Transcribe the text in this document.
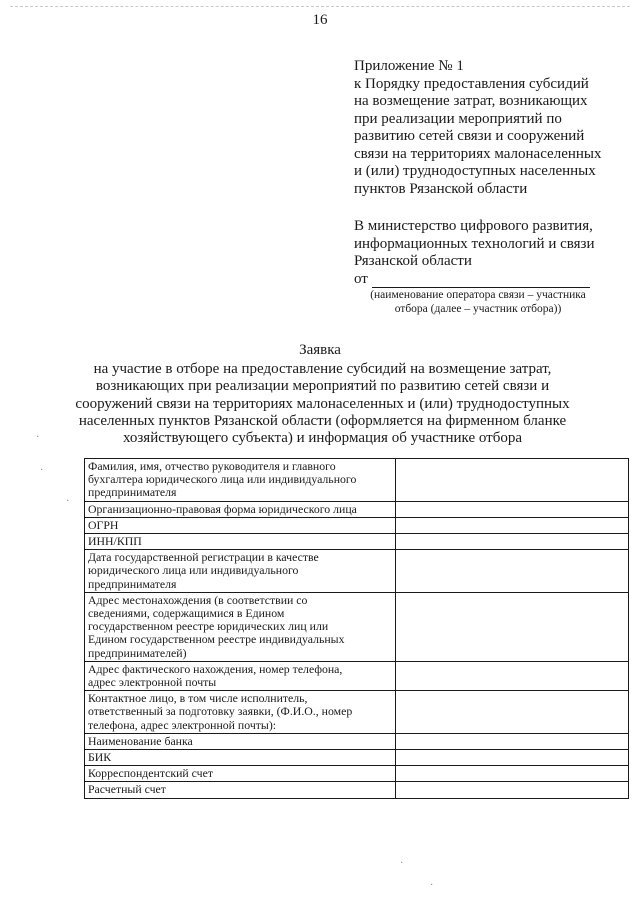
16
Приложение № 1
к Порядку предоставления субсидий
на возмещение затрат, возникающих
при реализации мероприятий по
развитию сетей связи и сооружений
связи на территориях малонаселенных
и (или) труднодоступных населенных
пунктов Рязанской области
В министерство цифрового развития,
информационных технологий и связи
Рязанской области
от
(наименование оператора связи – участника
отбора (далее – участник отбора))
Заявка
на участие в отборе на предоставление субсидий на возмещение затрат,
возникающих при реализации мероприятий по развитию сетей связи и
сооружений связи на территориях малонаселенных и (или) труднодоступных
населенных пунктов Рязанской области (оформляется на фирменном бланке
хозяйствующего субъекта) и информация об участнике отбора
Фамилия, имя, отчество руководителя и главного
бухгалтера юридического лица или индивидуального
предпринимателя	

Организационно-правовая форма юридического лица	

ОГРН	

ИНН/КПП	

Дата государственной регистрации в качестве
юридического лица или индивидуального
предпринимателя	

Адрес местонахождения (в соответствии со
сведениями, содержащимися в Едином
государственном реестре юридических лиц или
Едином государственном реестре индивидуальных
предпринимателей)	

Адрес фактического нахождения, номер телефона,
адрес электронной почты	

Контактное лицо, в том числе исполнитель,
ответственный за подготовку заявки, (Ф.И.О., номер
телефона, адрес электронной почты):	

Наименование банка	

БИК	

Корреспондентский счет	

Расчетный счет	

·
·
·
·
·
